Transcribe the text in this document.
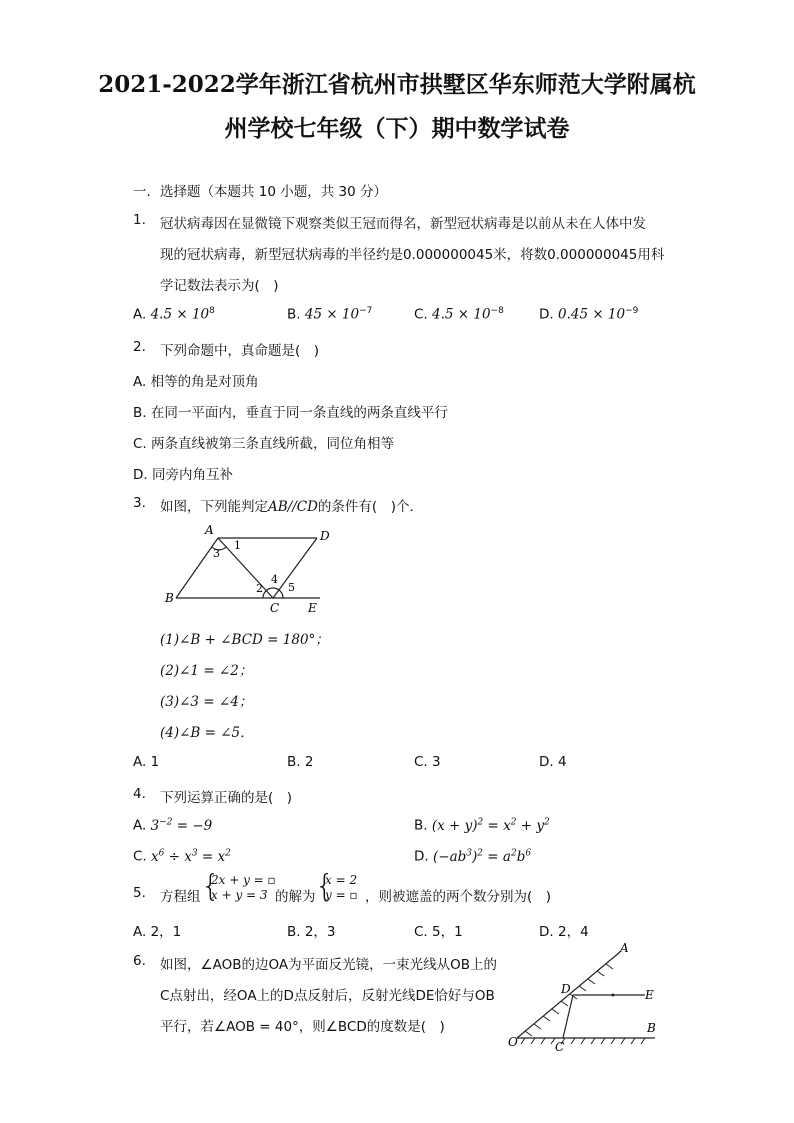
2021-2022学年浙江省杭州市拱墅区华东师范大学附属杭
州学校七年级（下）期中数学试卷
一．选择题（本题共 10 小题，共 30 分）
1. 冠状病毒因在显微镜下观察类似王冠而得名，新型冠状病毒是以前从未在人体中发
现的冠状病毒，新型冠状病毒的半径约是0.000000045米，将数0.000000045用科
学记数法表示为(　)
A. $4.5 \times 10^8$	B. $45 \times 10^{-7}$	C. $4.5 \times 10^{-8}$	D. $0.45 \times 10^{-9}$
2. 下列命题中，真命题是(　)
A. 相等的角是对顶角
B. 在同一平面内，垂直于同一条直线的两条直线平行
C. 两条直线被第三条直线所截，同位角相等
D. 同旁内角互补
3. 如图，下列能判定AB//CD的条件有(　)个．
A	D
B
C E
1
3
2
4
5
(1)∠B + ∠BCD = 180°；
(2)∠1 = ∠2；
(3)∠3 = ∠4；
(4)∠B = ∠5．
A. 1	B. 2	C. 3	D. 4
4. 下列运算正确的是(　)
A. $3^{-2} = -9$	B. $(x + y)^2 = x^2 + y^2$
C. $x^6 \div x^3 = x^2$	D. $(-ab^3)^2 = a^2b^6$
5. 方程组 {
2x + y = ▫
x + y = 3 的解为 {
x = 2
y = ▫ ，则被遮盖的两个数分别为(　)
A. 2，1	B. 2，3	C. 5，1	D. 2，4
6. 如图，∠AOB的边OA为平面反光镜，一束光线从OB上的
C点射出，经OA上的D点反射后，反射光线DE恰好与OB
平行，若∠AOB = 40°，则∠BCD的度数是(　)
A
B
C
D	E
O
